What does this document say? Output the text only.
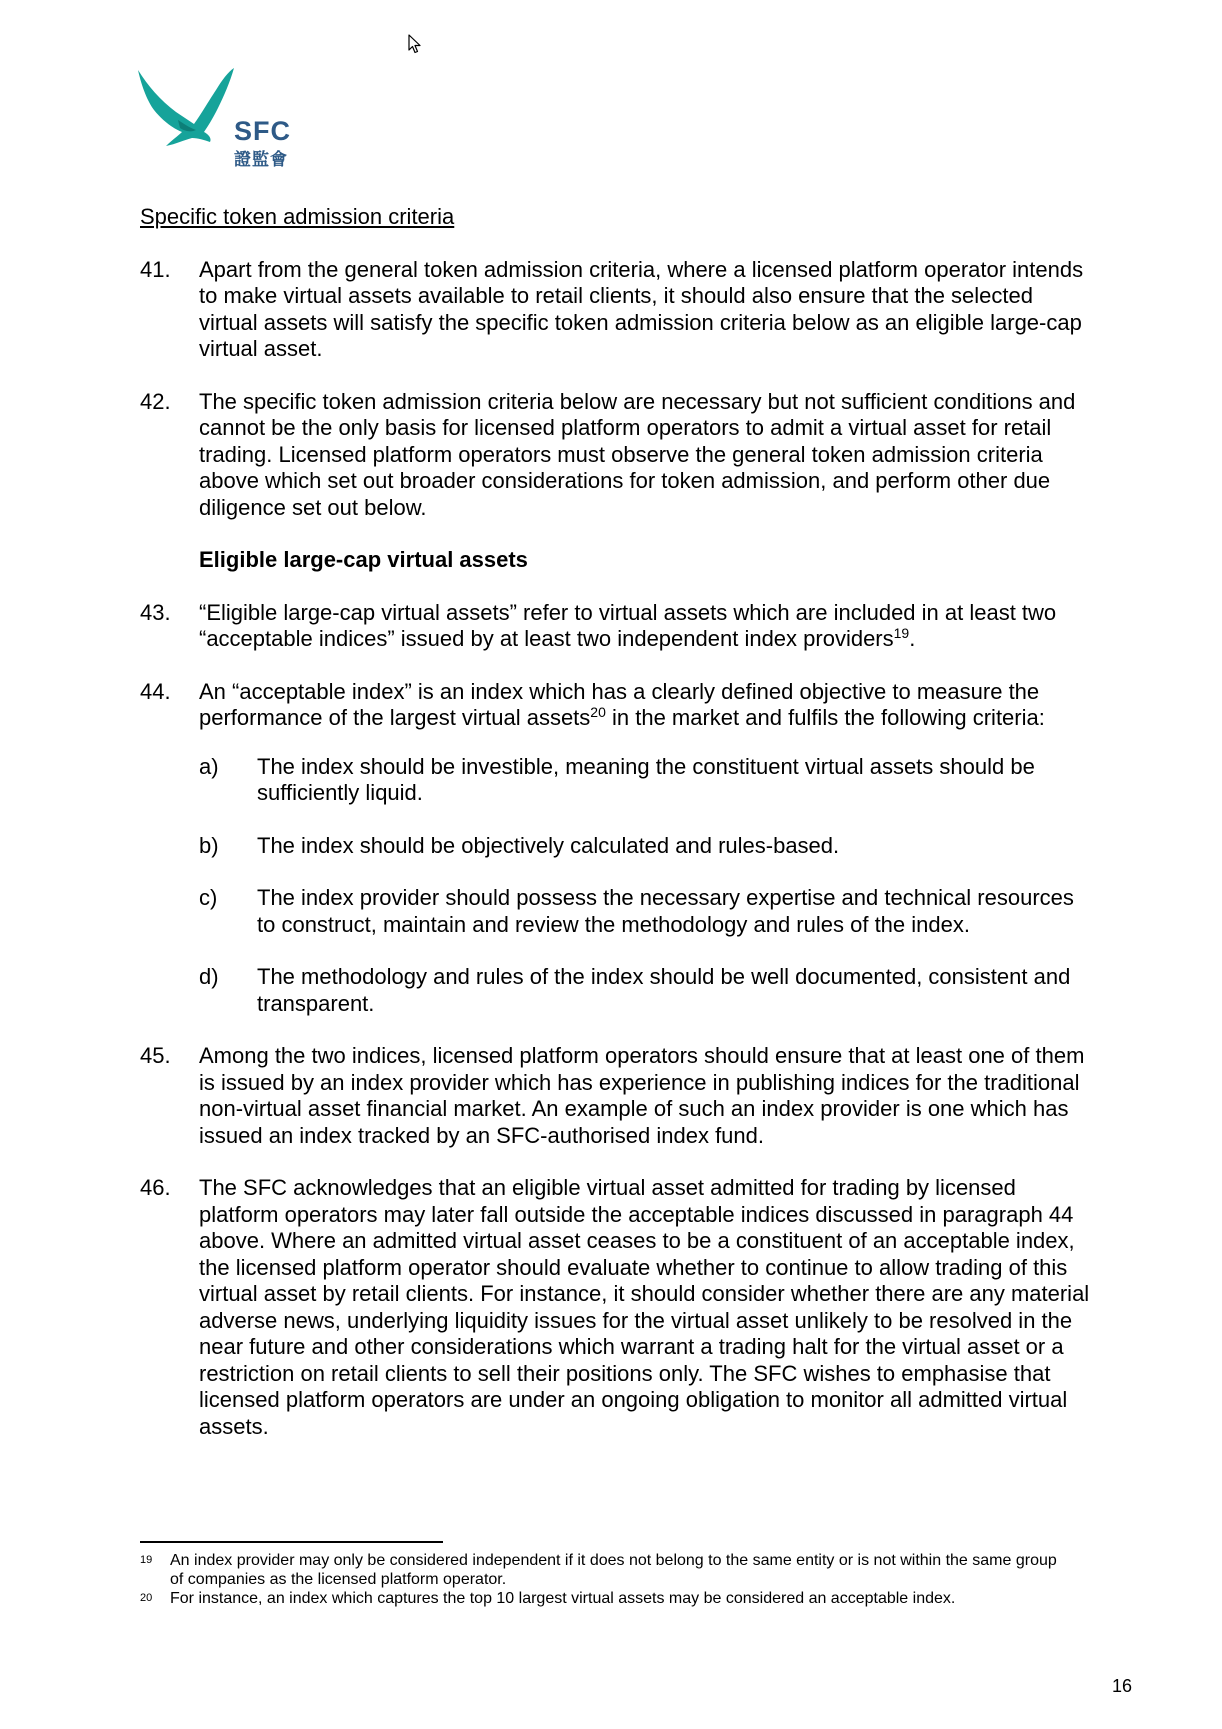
SFC
證監會
Specific token admission criteria
41. Apart from the general token admission criteria, where a licensed platform operator intends to make virtual assets available to retail clients, it should also ensure that the selected virtual assets will satisfy the specific token admission criteria below as an eligible large-cap virtual asset.
42. The specific token admission criteria below are necessary but not sufficient conditions and cannot be the only basis for licensed platform operators to admit a virtual asset for retail trading. Licensed platform operators must observe the general token admission criteria above which set out broader considerations for token admission, and perform other due diligence set out below.
Eligible large-cap virtual assets
43. “Eligible large-cap virtual assets” refer to virtual assets which are included in at least two “acceptable indices” issued by at least two independent index providers$^{19}$.
44. An “acceptable index” is an index which has a clearly defined objective to measure the performance of the largest virtual assets$^{20}$ in the market and fulfils the following criteria:
a) The index should be investible, meaning the constituent virtual assets should be sufficiently liquid.
b) The index should be objectively calculated and rules-based.
c) The index provider should possess the necessary expertise and technical resources to construct, maintain and review the methodology and rules of the index.
d) The methodology and rules of the index should be well documented, consistent and transparent.
45. Among the two indices, licensed platform operators should ensure that at least one of them is issued by an index provider which has experience in publishing indices for the traditional non-virtual asset financial market. An example of such an index provider is one which has issued an index tracked by an SFC-authorised index fund.
46. The SFC acknowledges that an eligible virtual asset admitted for trading by licensed platform operators may later fall outside the acceptable indices discussed in paragraph 44 above. Where an admitted virtual asset ceases to be a constituent of an acceptable index, the licensed platform operator should evaluate whether to continue to allow trading of this virtual asset by retail clients. For instance, it should consider whether there are any material adverse news, underlying liquidity issues for the virtual asset unlikely to be resolved in the near future and other considerations which warrant a trading halt for the virtual asset or a restriction on retail clients to sell their positions only. The SFC wishes to emphasise that licensed platform operators are under an ongoing obligation to monitor all admitted virtual assets.
19 An index provider may only be considered independent if it does not belong to the same entity or is not within the same group of companies as the licensed platform operator.
20 For instance, an index which captures the top 10 largest virtual assets may be considered an acceptable index.
16
